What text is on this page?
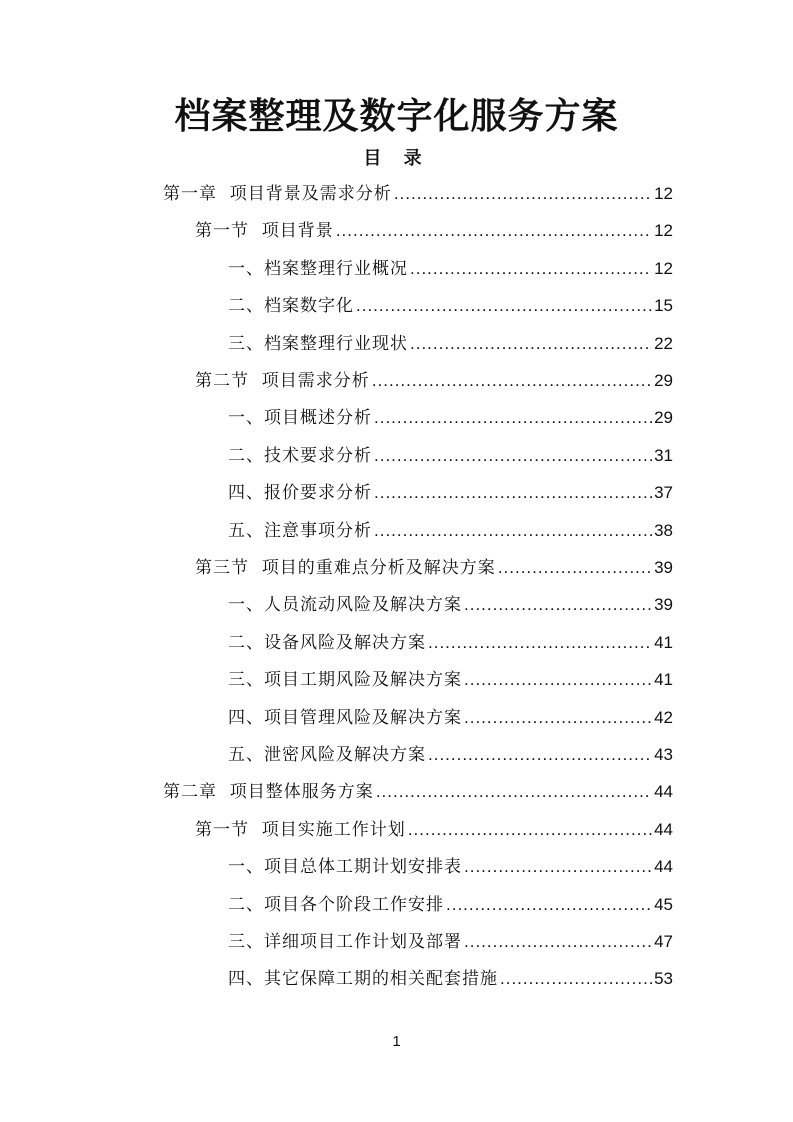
档案整理及数字化服务方案
目 录
第一章  项目背景及需求分析 .....	12
第一节  项目背景 .....	12
一、档案整理行业概况 .....	12
二、档案数字化 .....	15
三、档案整理行业现状 .....	22
第二节  项目需求分析 .....	29
一、项目概述分析 .....	29
二、技术要求分析 .....	31
四、报价要求分析 .....	37
五、注意事项分析 .....	38
第三节  项目的重难点分析及解决方案 .....	39
一、人员流动风险及解决方案 .....	39
二、设备风险及解决方案 .....	41
三、项目工期风险及解决方案 .....	41
四、项目管理风险及解决方案 .....	42
五、泄密风险及解决方案 .....	43
第二章  项目整体服务方案 .....	44
第一节  项目实施工作计划 .....	44
一、项目总体工期计划安排表 .....	44
二、项目各个阶段工作安排 .....	45
三、详细项目工作计划及部署 .....	47
四、其它保障工期的相关配套措施 .....	53
1
